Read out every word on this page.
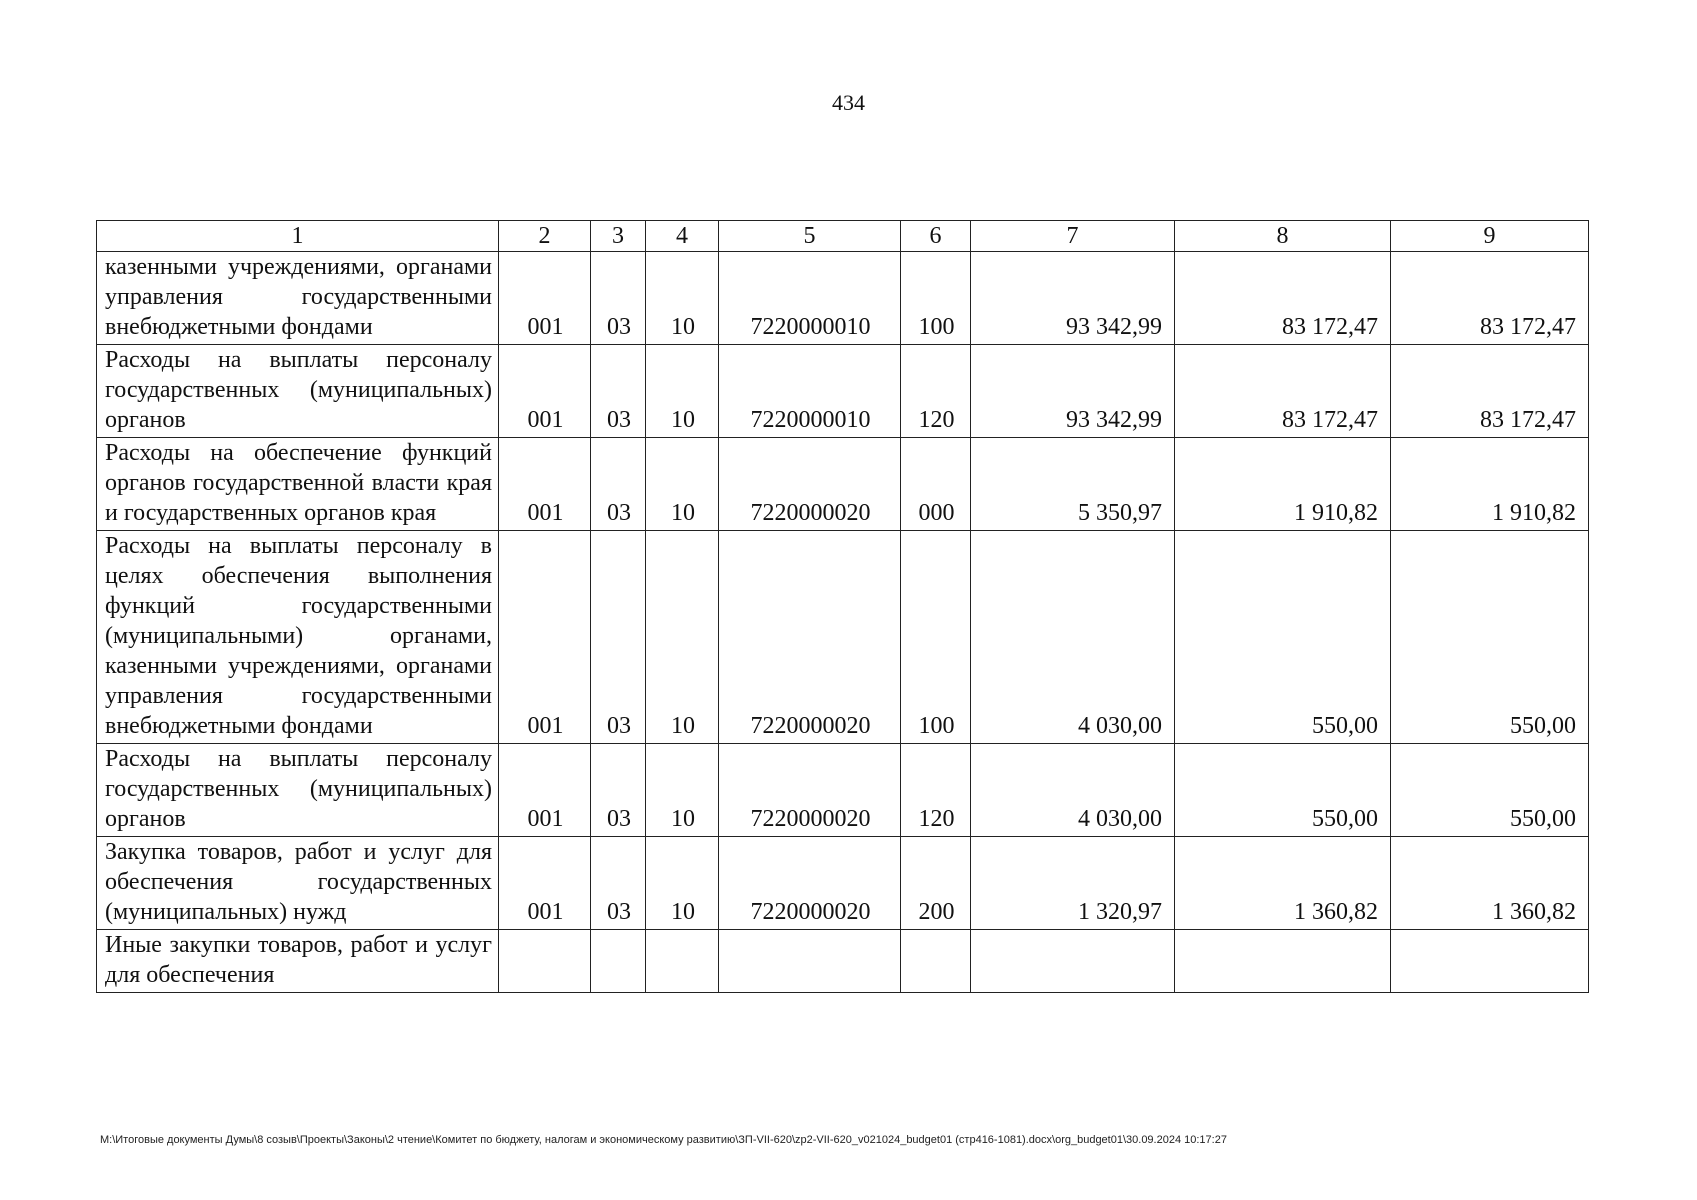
434
1	2	3	4	5	6	7	8	9
казенными учреждениями, органами управления государственными внебюджетными фондами	001	03	10	7220000010	100	93 342,99	83 172,47	83 172,47
Расходы на выплаты персоналу государственных (муниципальных) органов	001	03	10	7220000010	120	93 342,99	83 172,47	83 172,47
Расходы на обеспечение функций органов государственной власти края и государственных органов края	001	03	10	7220000020	000	5 350,97	1 910,82	1 910,82
Расходы на выплаты персоналу в целях обеспечения выполнения функций государственными (муниципальными) органами, казенными учреждениями, органами управления государственными внебюджетными фондами	001	03	10	7220000020	100	4 030,00	550,00	550,00
Расходы на выплаты персоналу государственных (муниципальных) органов	001	03	10	7220000020	120	4 030,00	550,00	550,00
Закупка товаров, работ и услуг для обеспечения государственных (муниципальных) нужд	001	03	10	7220000020	200	1 320,97	1 360,82	1 360,82
Иные закупки товаров, работ и услуг для обеспечения								
M:\Итоговые документы Думы\8 созыв\Проекты\Законы\2 чтение\Комитет по бюджету, налогам и экономическому развитию\ЗП-VII-620\zp2-VII-620_v021024_budget01 (стр416-1081).docx\org_budget01\30.09.2024 10:17:27
